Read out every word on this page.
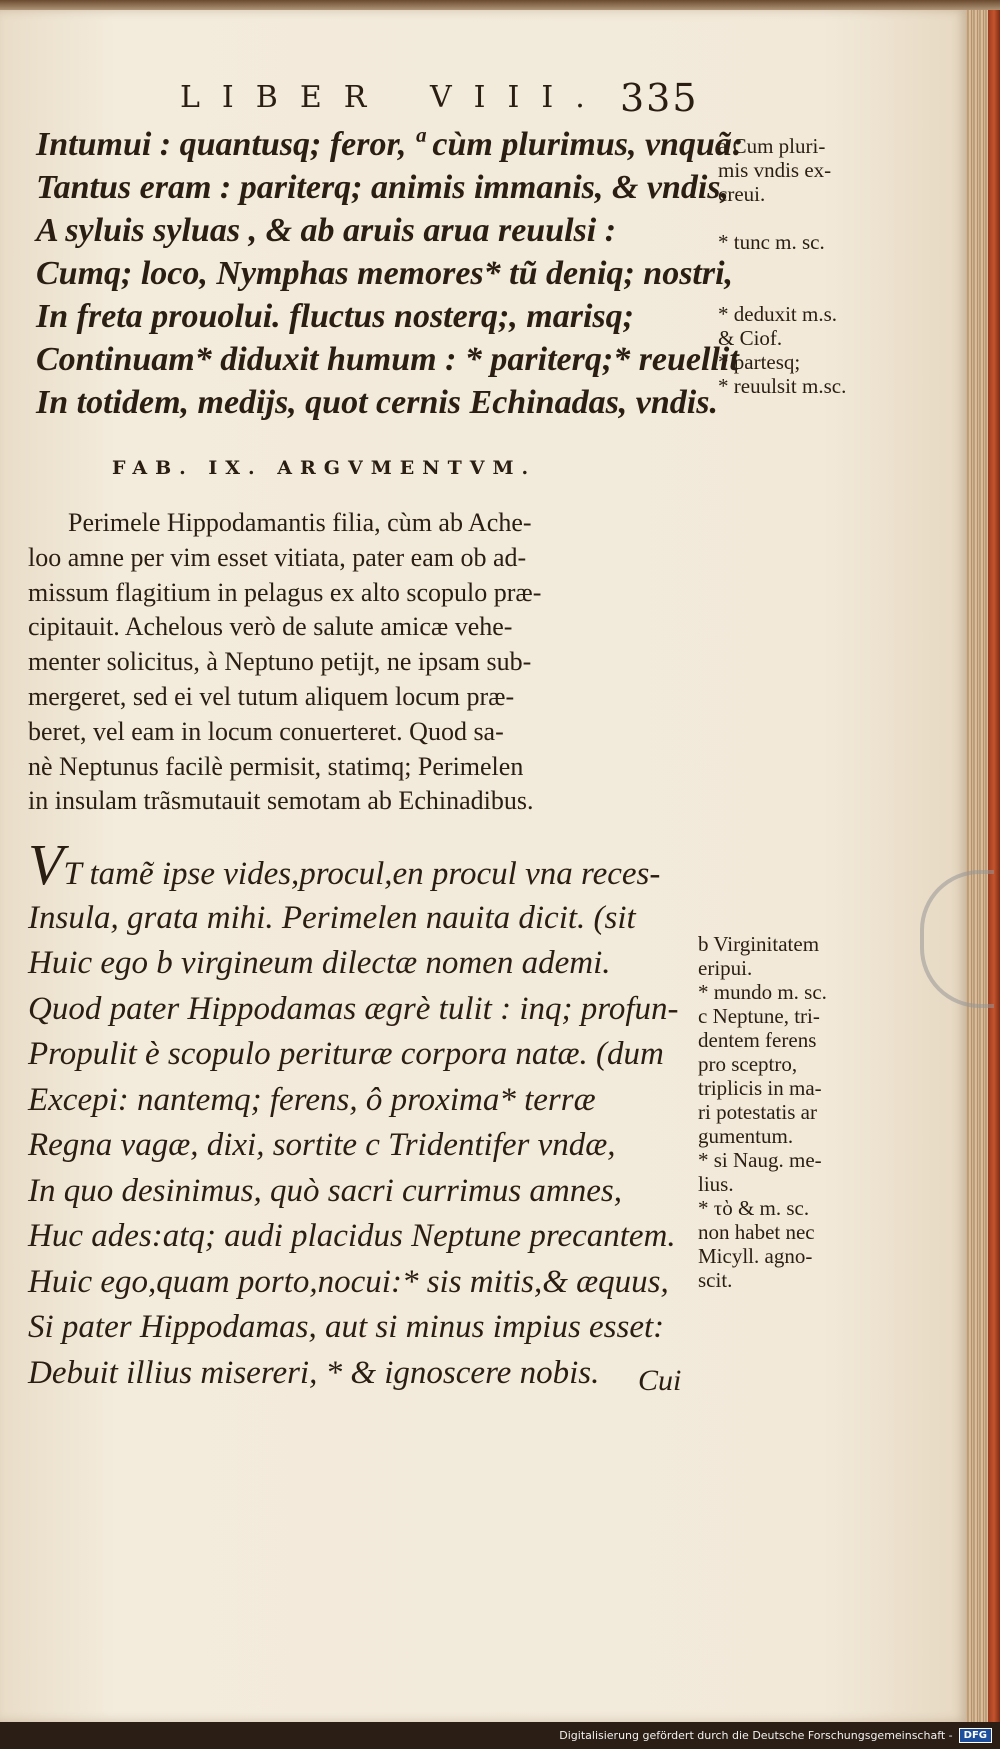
LIBER VIII. 335
Intumui : quantusq; feror, ª cùm plurimus, vnquã:
Tantus eram : pariterq; animis immanis, & vndis,
A syluis syluas , & ab aruis arua reuulsi :
Cumq; loco, Nymphas memores* tũ deniq; nostri,
In freta prouolui. fluctus nosterq;, marisq;
Continuam* diduxit humum : * pariterq;* reuellit
In totidem, medijs, quot cernis Echinadas, vndis.
a Cum pluri-
mis vndis ex-
creui.
* tunc m. sc.
* deduxit m.s.
& Ciof.
* partesq;
* reuulsit m.sc.
FAB. IX. ARGVMENTVM.
Perimele Hippodamantis filia, cùm ab Ache-
loo amne per vim esset vitiata, pater eam ob ad-
missum flagitium in pelagus ex alto scopulo præ-
cipitauit. Achelous verò de salute amicæ vehe-
menter solicitus, à Neptuno petijt, ne ipsam sub-
mergeret, sed ei vel tutum aliquem locum præ-
beret, vel eam in locum conuerteret. Quod sa-
nè Neptunus facilè permisit, statimq; Perimelen
in insulam trãsmutauit semotam ab Echinadibus.
VT tamẽ ipse vides,procul,en procul vna reces-
Insula, grata mihi. Perimelen nauita dicit. (sit
Huic ego b virgineum dilectæ nomen ademi.
Quod pater Hippodamas ægrè tulit : inq; profun-
Propulit è scopulo perituræ corpora natæ. (dum
Excepi: nantemq; ferens, ô proxima* terræ
Regna vagæ, dixi, sortite c Tridentifer vndæ,
In quo desinimus, quò sacri currimus amnes,
Huc ades:atq; audi placidus Neptune precantem.
Huic ego,quam porto,nocui:* sis mitis,& æquus,
Si pater Hippodamas, aut si minus impius esset:
Debuit illius misereri, * & ignoscere nobis.
b Virginitatem
eripui.
* mundo m. sc.
c Neptune, tri-
dentem ferens
pro sceptro,
triplicis in ma-
ri potestatis ar
gumentum.
* si Naug. me-
lius.
* τὸ & m. sc.
non habet nec
Micyll. agno-
scit.
Cui
Digitalisierung gefördert durch die Deutsche Forschungsgemeinschaft -	DFG
